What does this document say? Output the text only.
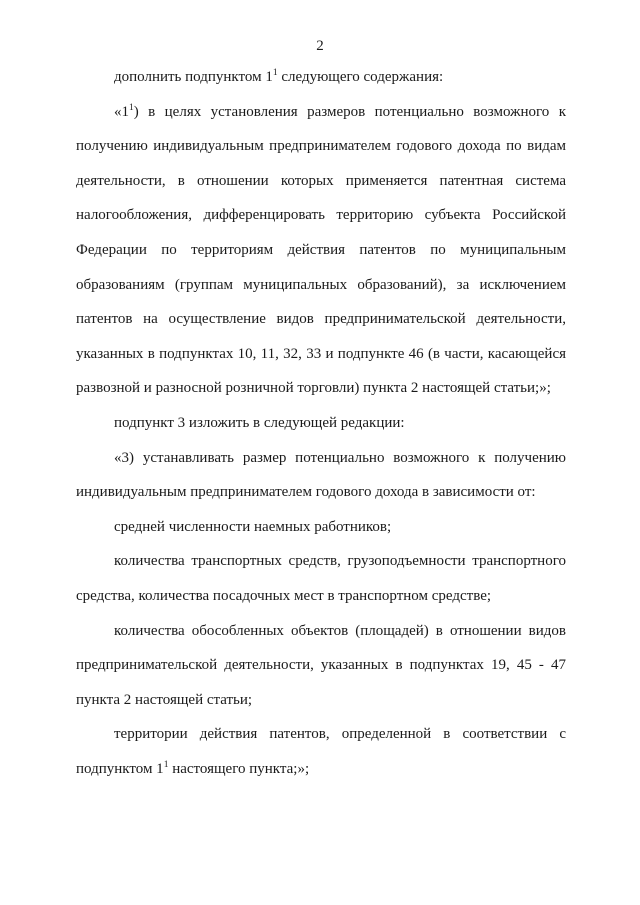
2

дополнить подпунктом $1^1$ следующего содержания:

«$1^1$) в целях установления размеров потенциально возможного к получению индивидуальным предпринимателем годового дохода по видам деятельности, в отношении которых применяется патентная система налогообложения, дифференцировать территорию субъекта Российской Федерации по территориям действия патентов по муниципальным образованиям (группам муниципальных образований), за исключением патентов на осуществление видов предпринимательской деятельности, указанных в подпунктах 10, 11, 32, 33 и подпункте 46 (в части, касающейся развозной и разносной розничной торговли) пункта 2 настоящей статьи;»;

подпункт 3 изложить в следующей редакции:

«3) устанавливать размер потенциально возможного к получению индивидуальным предпринимателем годового дохода в зависимости от:

средней численности наемных работников;

количества транспортных средств, грузоподъемности транспортного средства, количества посадочных мест в транспортном средстве;

количества обособленных объектов (площадей) в отношении видов предпринимательской деятельности, указанных в подпунктах 19, 45 - 47 пункта 2 настоящей статьи;

территории действия патентов, определенной в соответствии с подпунктом $1^1$ настоящего пункта;»;
